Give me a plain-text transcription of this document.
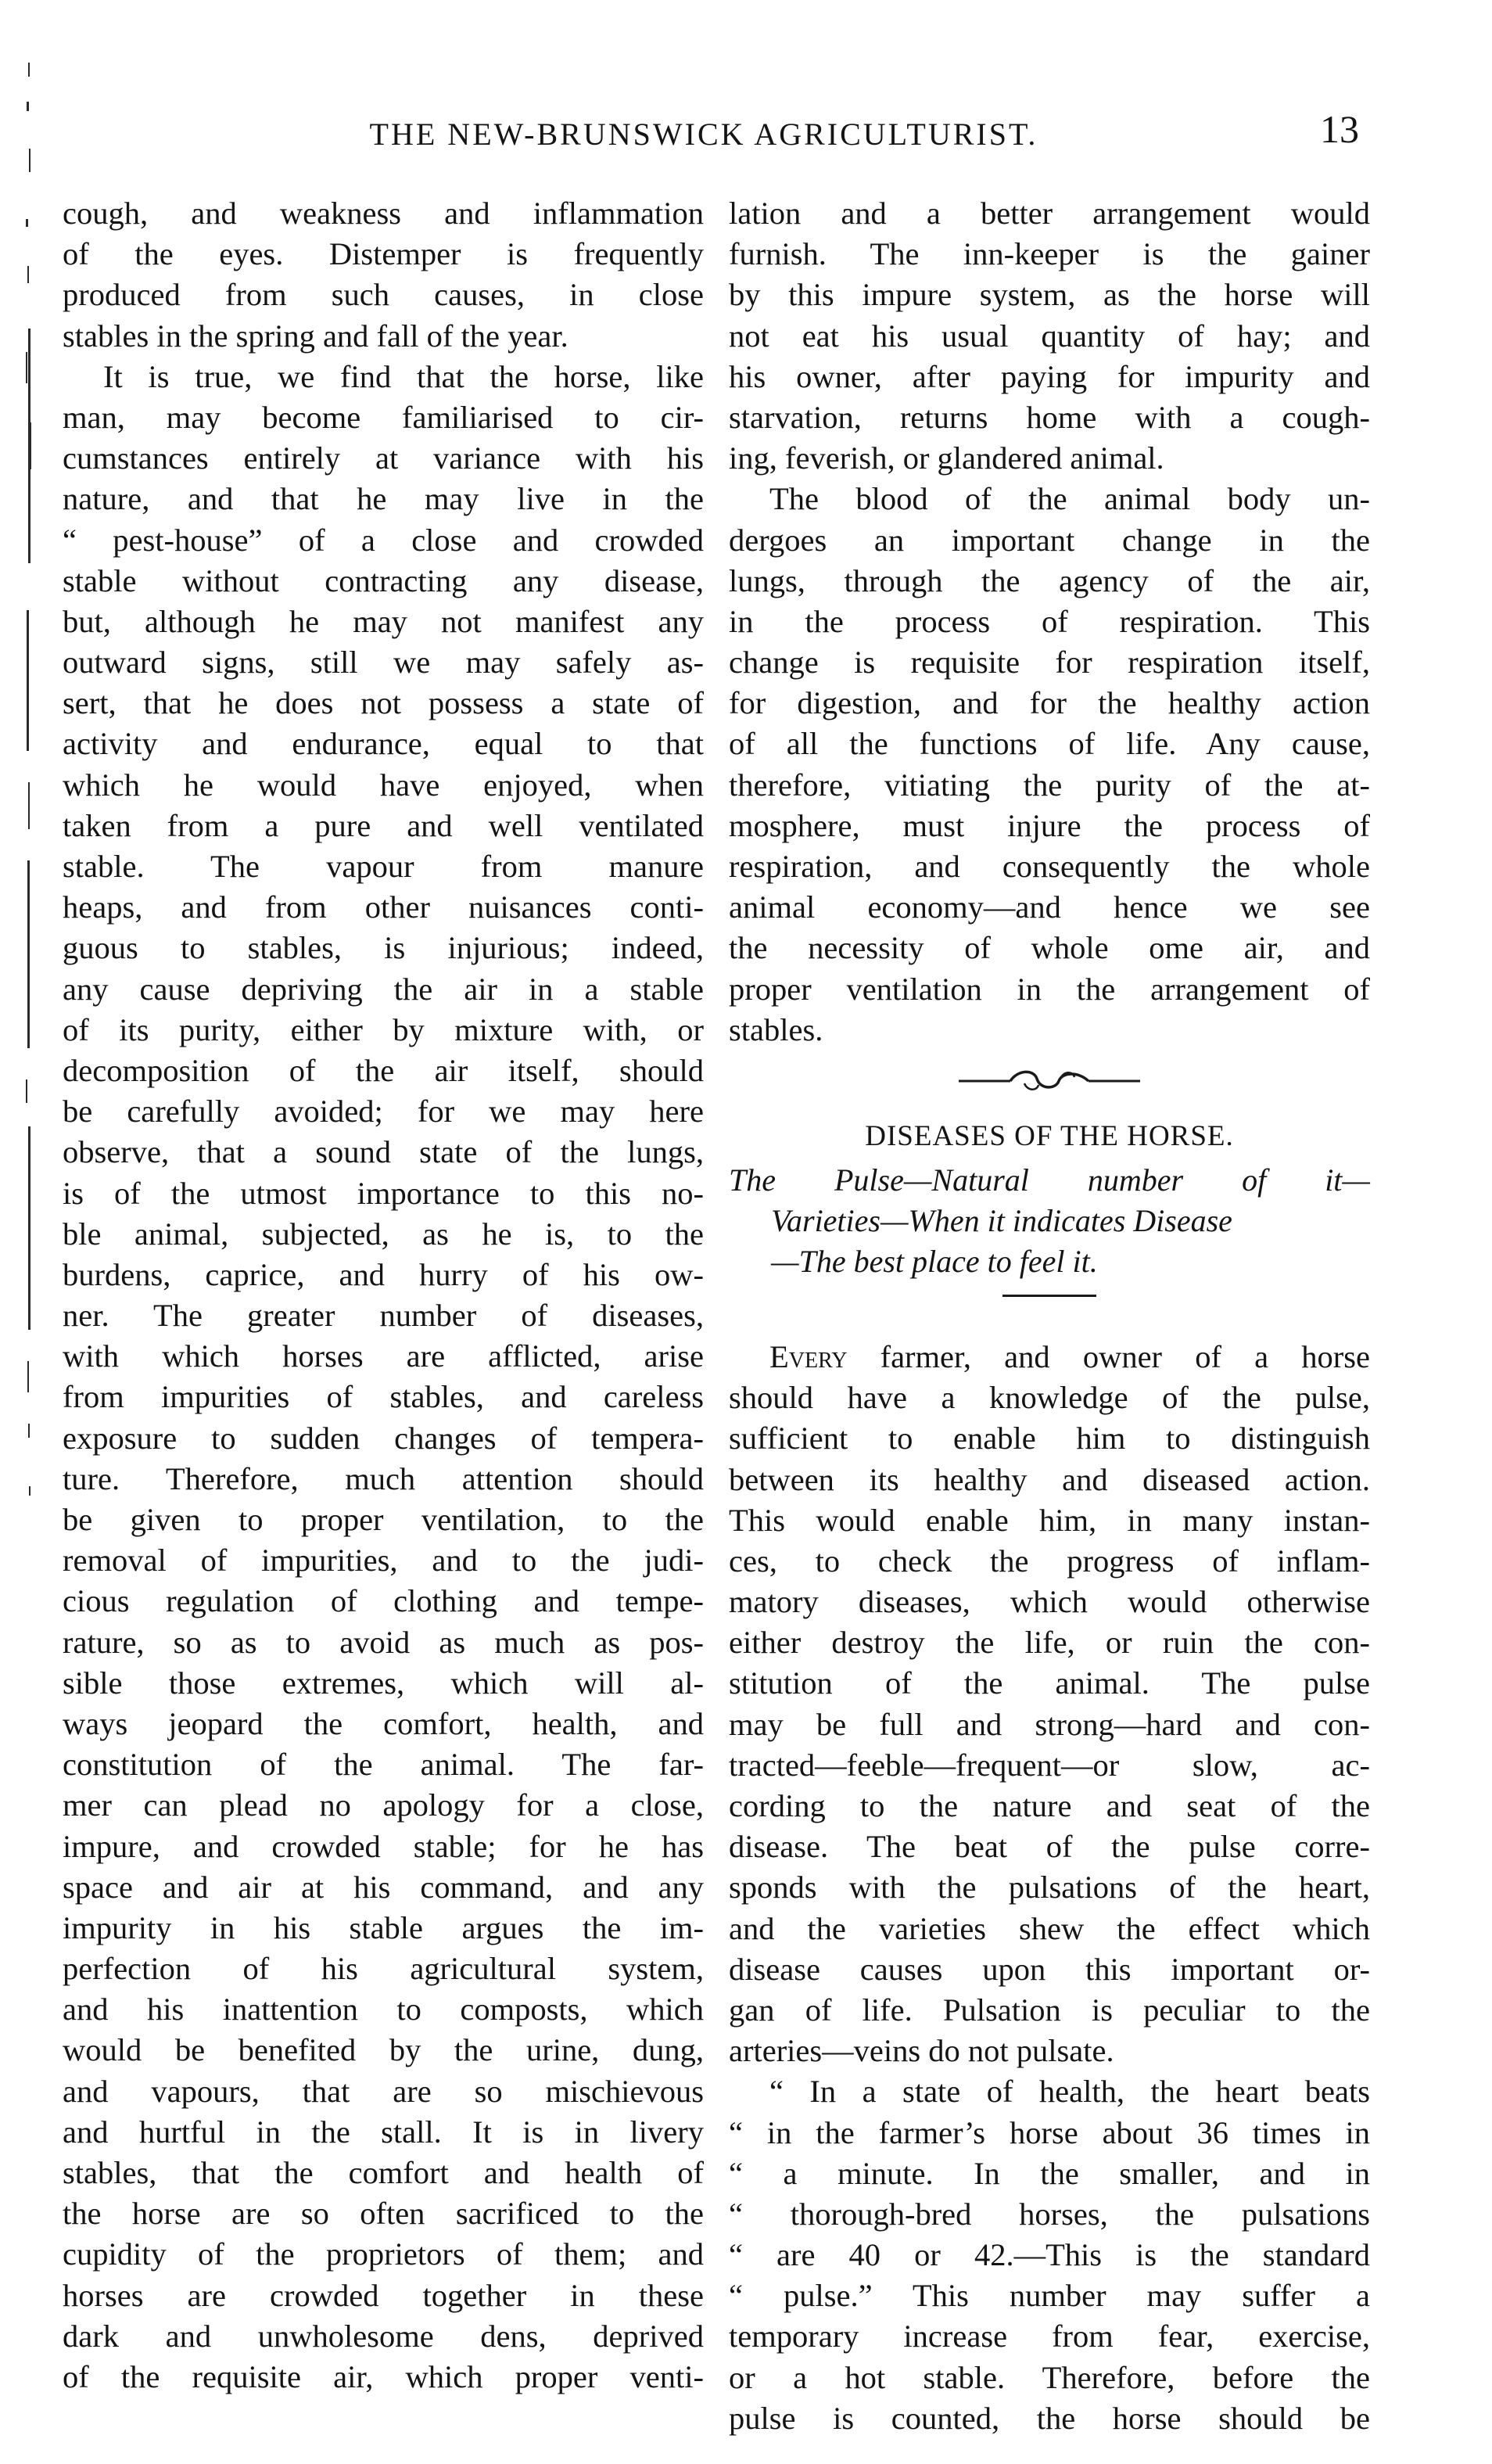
THE NEW-BRUNSWICK AGRICULTURIST.	13
cough, and weakness and inflammation
of the eyes. Distemper is frequently
produced from such causes, in close
stables in the spring and fall of the year.
It is true, we find that the horse, like
man, may become familiarised to cir-
cumstances entirely at variance with his
nature, and that he may live in the
“ pest-house” of a close and crowded
stable without contracting any disease,
but, although he may not manifest any
outward signs, still we may safely as-
sert, that he does not possess a state of
activity and endurance, equal to that
which he would have enjoyed, when
taken from a pure and well ventilated
stable. The vapour from manure
heaps, and from other nuisances conti-
guous to stables, is injurious; indeed,
any cause depriving the air in a stable
of its purity, either by mixture with, or
decomposition of the air itself, should
be carefully avoided; for we may here
observe, that a sound state of the lungs,
is of the utmost importance to this no-
ble animal, subjected, as he is, to the
burdens, caprice, and hurry of his ow-
ner. The greater number of diseases,
with which horses are afflicted, arise
from impurities of stables, and careless
exposure to sudden changes of tempera-
ture. Therefore, much attention should
be given to proper ventilation, to the
removal of impurities, and to the judi-
cious regulation of clothing and tempe-
rature, so as to avoid as much as pos-
sible those extremes, which will al-
ways jeopard the comfort, health, and
constitution of the animal. The far-
mer can plead no apology for a close,
impure, and crowded stable; for he has
space and air at his command, and any
impurity in his stable argues the im-
perfection of his agricultural system,
and his inattention to composts, which
would be benefited by the urine, dung,
and vapours, that are so mischievous
and hurtful in the stall. It is in livery
stables, that the comfort and health of
the horse are so often sacrificed to the
cupidity of the proprietors of them; and
horses are crowded together in these
dark and unwholesome dens, deprived
of the requisite air, which proper venti-
lation and a better arrangement would
furnish. The inn-keeper is the gainer
by this impure system, as the horse will
not eat his usual quantity of hay; and
his owner, after paying for impurity and
starvation, returns home with a cough-
ing, feverish, or glandered animal.
The blood of the animal body un-
dergoes an important change in the
lungs, through the agency of the air,
in the process of respiration. This
change is requisite for respiration itself,
for digestion, and for the healthy action
of all the functions of life. Any cause,
therefore, vitiating the purity of the at-
mosphere, must injure the process of
respiration, and consequently the whole
animal economy—and hence we see
the necessity of whole ome air, and
proper ventilation in the arrangement of
stables.
DISEASES OF THE HORSE.
The Pulse—Natural number of it—
Varieties—When it indicates Disease
—The best place to feel it.
Every farmer, and owner of a horse
should have a knowledge of the pulse,
sufficient to enable him to distinguish
between its healthy and diseased action.
This would enable him, in many instan-
ces, to check the progress of inflam-
matory diseases, which would otherwise
either destroy the life, or ruin the con-
stitution of the animal. The pulse
may be full and strong—hard and con-
tracted—feeble—frequent—or slow, ac-
cording to the nature and seat of the
disease. The beat of the pulse corre-
sponds with the pulsations of the heart,
and the varieties shew the effect which
disease causes upon this important or-
gan of life. Pulsation is peculiar to the
arteries—veins do not pulsate.
“ In a state of health, the heart beats
“ in the farmer’s horse about 36 times in
“ a minute. In the smaller, and in
“ thorough-bred horses, the pulsations
“ are 40 or 42.—This is the standard
“ pulse.” This number may suffer a
temporary increase from fear, exercise,
or a hot stable. Therefore, before the
pulse is counted, the horse should be
